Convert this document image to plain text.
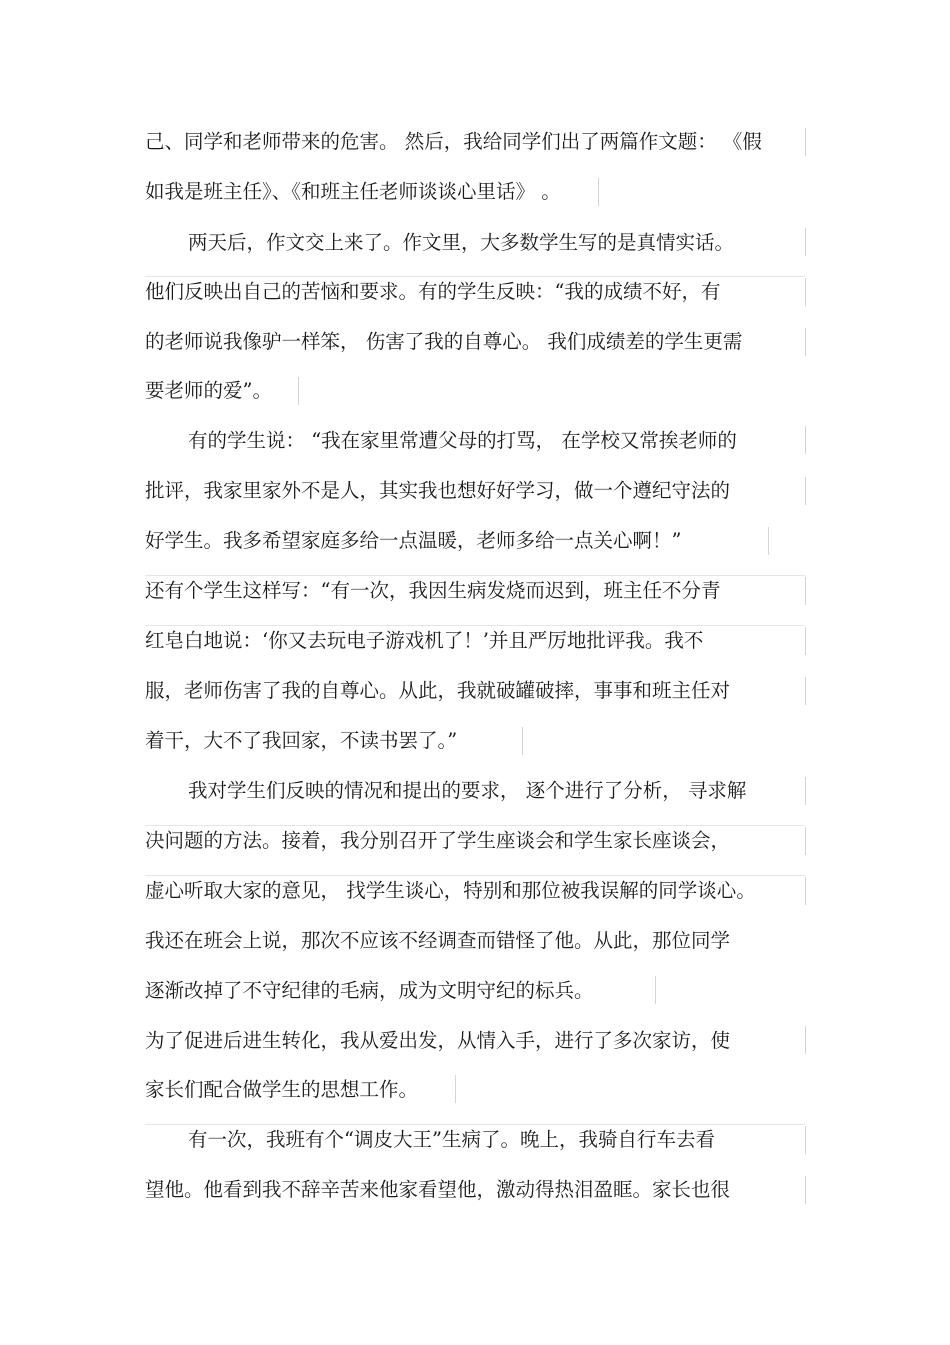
己、同学和老师带来的危害。 然后，我给同学们出了两篇作文题： 《假
如我是班主任》、《和班主任老师谈谈心里话》 。
两天后，作文交上来了。作文里，大多数学生写的是真情实话。
他们反映出自己的苦恼和要求。有的学生反映：“我的成绩不好，有
的老师说我像驴一样笨， 伤害了我的自尊心。 我们成绩差的学生更需
要老师的爱”。
有的学生说： “我在家里常遭父母的打骂， 在学校又常挨老师的
批评，我家里家外不是人，其实我也想好好学习，做一个遵纪守法的
好学生。我多希望家庭多给一点温暖，老师多给一点关心啊！”
还有个学生这样写：“有一次，我因生病发烧而迟到，班主任不分青
红皂白地说：‘你又去玩电子游戏机了！’并且严厉地批评我。我不
服，老师伤害了我的自尊心。从此，我就破罐破摔，事事和班主任对
着干，大不了我回家，不读书罢了。”
我对学生们反映的情况和提出的要求， 逐个进行了分析， 寻求解
决问题的方法。接着，我分别召开了学生座谈会和学生家长座谈会，
虚心听取大家的意见， 找学生谈心，特别和那位被我误解的同学谈心。
我还在班会上说，那次不应该不经调查而错怪了他。从此，那位同学
逐渐改掉了不守纪律的毛病，成为文明守纪的标兵。
为了促进后进生转化，我从爱出发，从情入手，进行了多次家访，使
家长们配合做学生的思想工作。
有一次，我班有个“调皮大王”生病了。晚上，我骑自行车去看
望他。他看到我不辞辛苦来他家看望他，激动得热泪盈眶。家长也很
